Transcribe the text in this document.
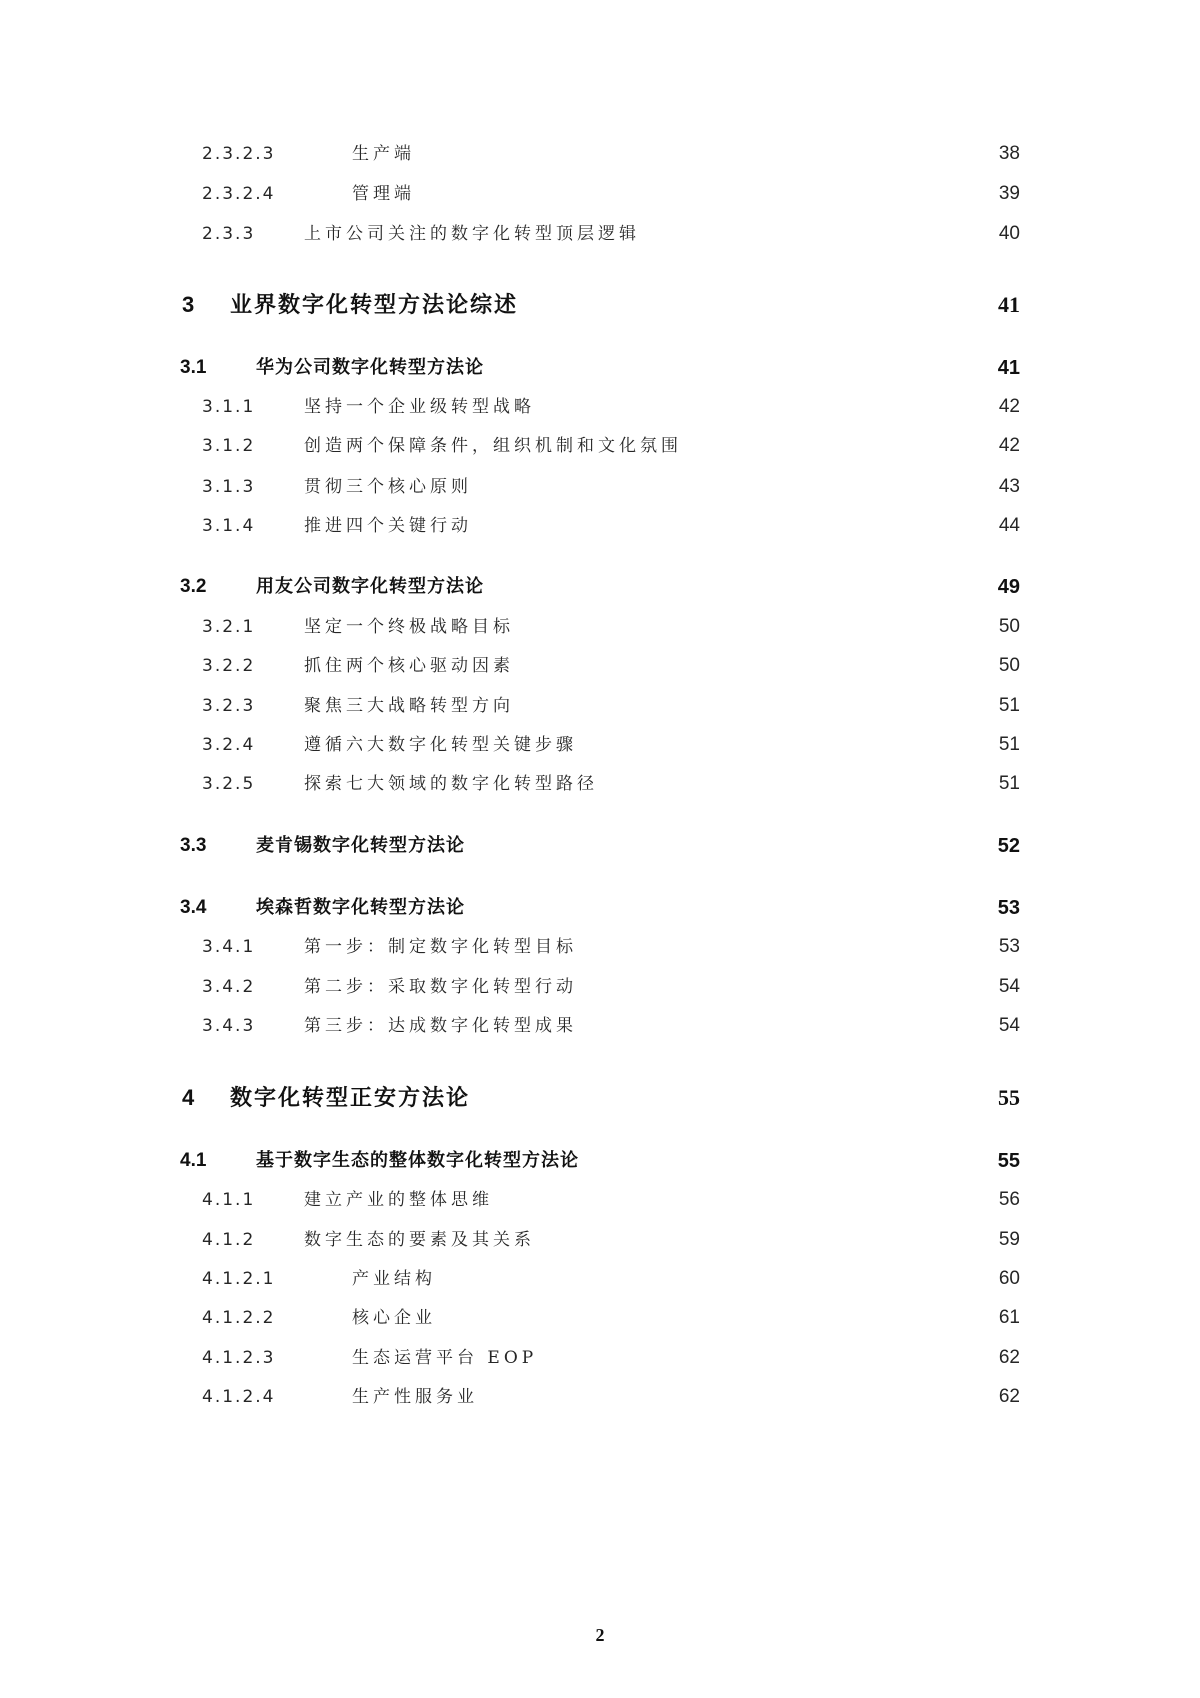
2.3.2.3	生产端	38
2.3.2.4	管理端	39
2.3.3	上市公司关注的数字化转型顶层逻辑	40
3 业界数字化转型方法论综述	41
3.1	华为公司数字化转型方法论	41
3.1.1	坚持一个企业级转型战略	42
3.1.2	创造两个保障条件，组织机制和文化氛围	42
3.1.3	贯彻三个核心原则	43
3.1.4	推进四个关键行动	44
3.2	用友公司数字化转型方法论	49
3.2.1	坚定一个终极战略目标	50
3.2.2	抓住两个核心驱动因素	50
3.2.3	聚焦三大战略转型方向	51
3.2.4	遵循六大数字化转型关键步骤	51
3.2.5	探索七大领域的数字化转型路径	51
3.3	麦肯锡数字化转型方法论	52
3.4	埃森哲数字化转型方法论	53
3.4.1	第一步：制定数字化转型目标	53
3.4.2	第二步：采取数字化转型行动	54
3.4.3	第三步：达成数字化转型成果	54
4 数字化转型正安方法论	55
4.1	基于数字生态的整体数字化转型方法论	55
4.1.1	建立产业的整体思维	56
4.1.2	数字生态的要素及其关系	59
4.1.2.1	产业结构	60
4.1.2.2	核心企业	61
4.1.2.3	生态运营平台 EOP	62
4.1.2.4	生产性服务业	62
2
